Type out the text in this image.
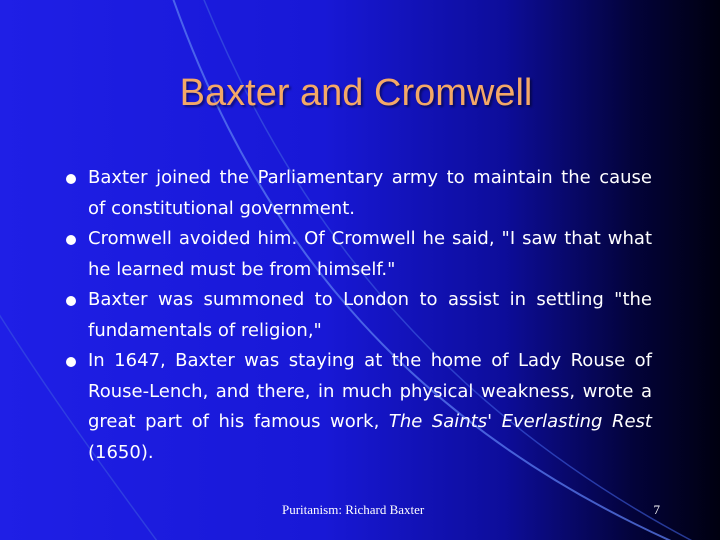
Baxter and Cromwell
Baxter joined the Parliamentary army to maintain the cause of constitutional government.
Cromwell avoided him. Of Cromwell he said, "I saw that what he learned must be from himself."
Baxter was summoned to London to assist in settling "the fundamentals of religion,"
In 1647, Baxter was staying at the home of Lady Rouse of Rouse-Lench, and there, in much physical weakness, wrote a great part of his famous work, The Saints' Everlasting Rest (1650).
Puritanism: Richard Baxter	7
